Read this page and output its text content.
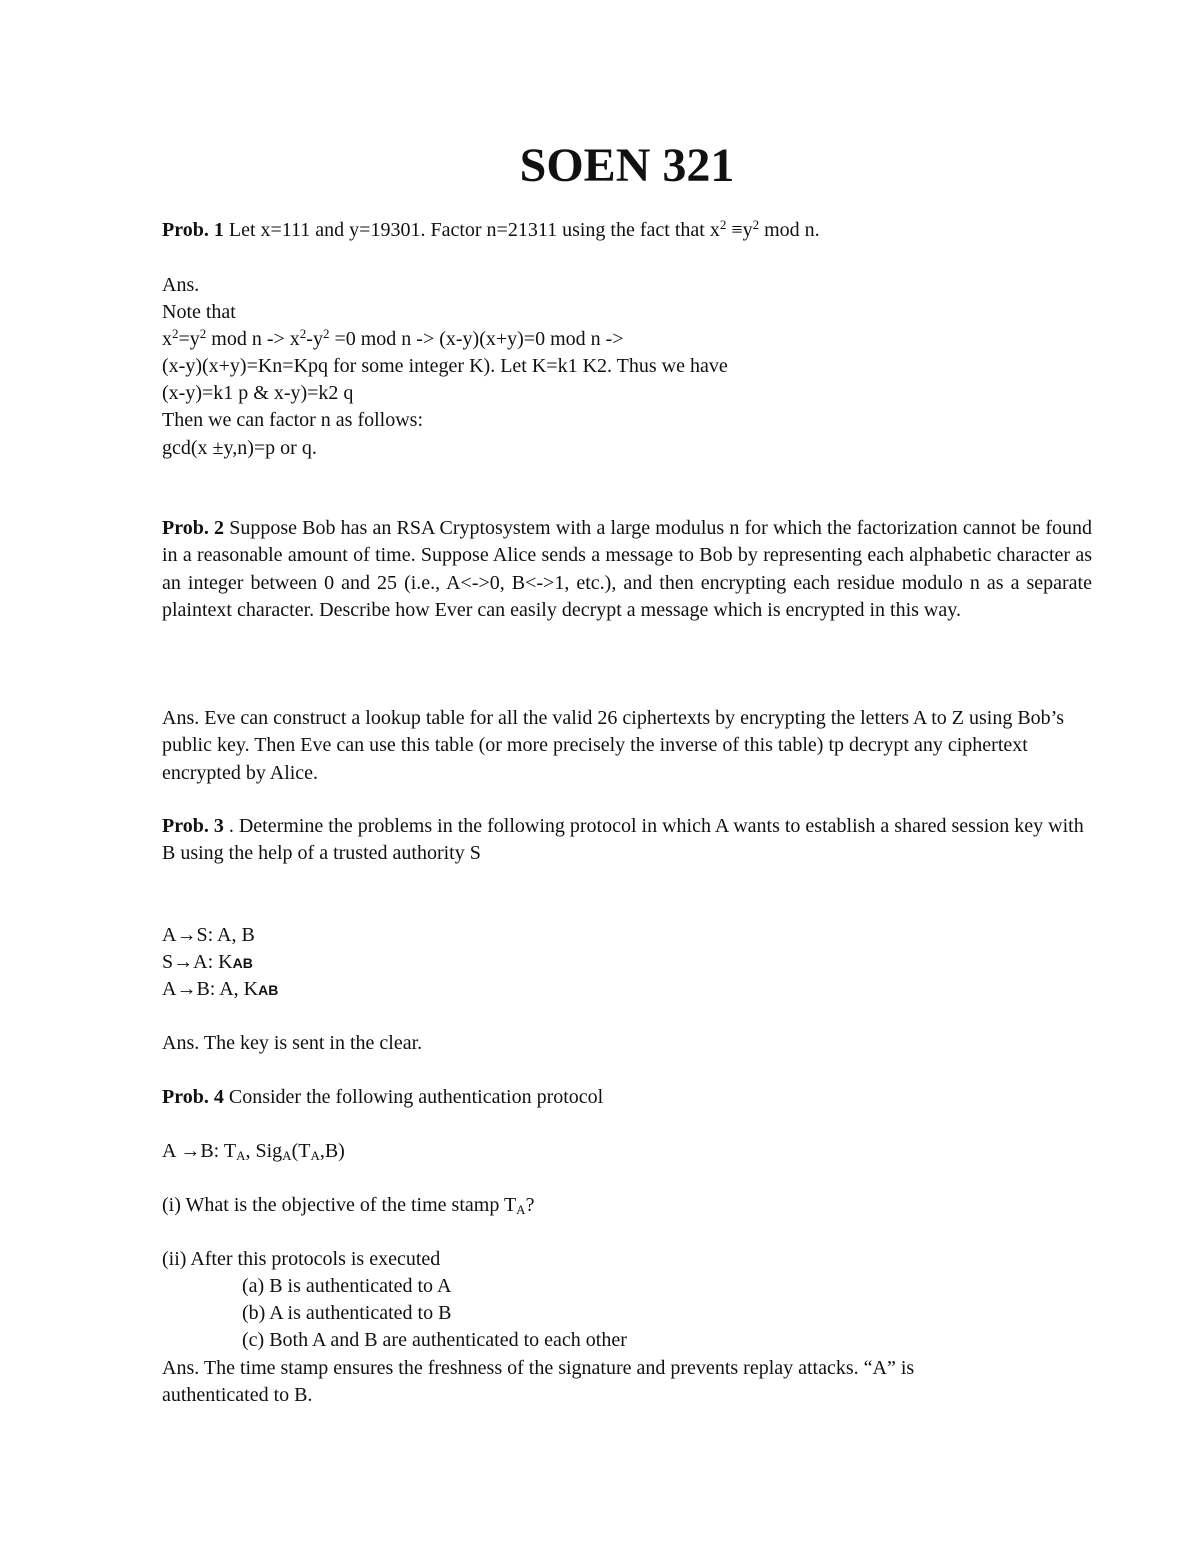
SOEN 321
Prob. 1 Let x=111 and y=19301. Factor n=21311 using the fact that $x^2 \equiv y^2$ mod n.
Ans.
Note that
$x^2=y^2$ mod $n -> x^2-y^2 =0$ mod n -> (x-y)(x+y)=0 mod n ->
(x-y)(x+y)=Kn=Kpq for some integer K). Let K=k1 K2. Thus we have
(x-y)=k1 p & x-y)=k2 q
Then we can factor n as follows:
gcd(x ±y,n)=p or q.
Prob. 2 Suppose Bob has an RSA Cryptosystem with a large modulus n for which the factorization cannot be found in a reasonable amount of time. Suppose Alice sends a message to Bob by representing each alphabetic character as an integer between 0 and 25 (i.e., A<->0, B<->1, etc.), and then encrypting each residue modulo n as a separate plaintext character. Describe how Ever can easily decrypt a message which is encrypted in this way.
Ans. Eve can construct a lookup table for all the valid 26 ciphertexts by encrypting the letters A to Z using Bob’s public key. Then Eve can use this table (or more precisely the inverse of this table) tp decrypt any ciphertext encrypted by Alice.
Prob. 3 . Determine the problems in the following protocol in which A wants to establish a shared session key with B using the help of a trusted authority S
A→S: A, B
S→A: KAB
A→B: A, KAB
Ans. The key is sent in the clear.
Prob. 4 Consider the following authentication protocol
A →B: $T_A$, $Sig_A(T_A,B)$
(i) What is the objective of the time stamp $T_A$?
(ii) After this protocols is executed
(a) B is authenticated to A
(b) A is authenticated to B
(c) Both A and B are authenticated to each other
Ans. The time stamp ensures the freshness of the signature and prevents replay attacks. “A” is
authenticated to B.
